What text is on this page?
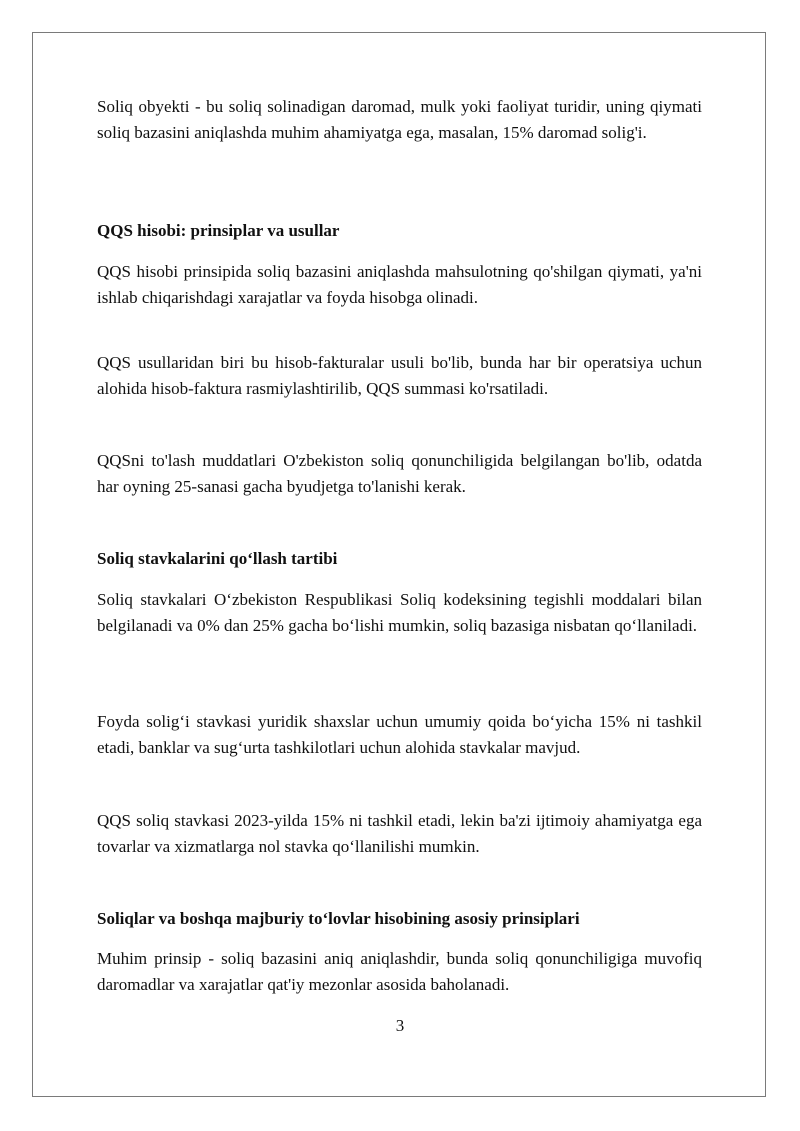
Soliq obyekti - bu soliq solinadigan daromad, mulk yoki faoliyat turidir, uning qiymati soliq bazasini aniqlashda muhim ahamiyatga ega, masalan, 15% daromad solig'i.

QQS hisobi: prinsiplar va usullar

QQS hisobi prinsipida soliq bazasini aniqlashda mahsulotning qo'shilgan qiymati, ya'ni ishlab chiqarishdagi xarajatlar va foyda hisobga olinadi.

QQS usullaridan biri bu hisob-fakturalar usuli bo'lib, bunda har bir operatsiya uchun alohida hisob-faktura rasmiylashtirilib, QQS summasi ko'rsatiladi.

QQSni to'lash muddatlari O'zbekiston soliq qonunchiligida belgilangan bo'lib, odatda har oyning 25-sanasi gacha byudjetga to'lanishi kerak.

Soliq stavkalarini qo‘llash tartibi

Soliq stavkalari O‘zbekiston Respublikasi Soliq kodeksining tegishli moddalari bilan belgilanadi va 0% dan 25% gacha bo‘lishi mumkin, soliq bazasiga nisbatan qo‘llaniladi.

Foyda solig‘i stavkasi yuridik shaxslar uchun umumiy qoida bo‘yicha 15% ni tashkil etadi, banklar va sug‘urta tashkilotlari uchun alohida stavkalar mavjud.

QQS soliq stavkasi 2023-yilda 15% ni tashkil etadi, lekin ba'zi ijtimoiy ahamiyatga ega tovarlar va xizmatlarga nol stavka qo‘llanilishi mumkin.

Soliqlar va boshqa majburiy to‘lovlar hisobining asosiy prinsiplari

Muhim prinsip - soliq bazasini aniq aniqlashdir, bunda soliq qonunchiligiga muvofiq daromadlar va xarajatlar qat'iy mezonlar asosida baholanadi.

3
